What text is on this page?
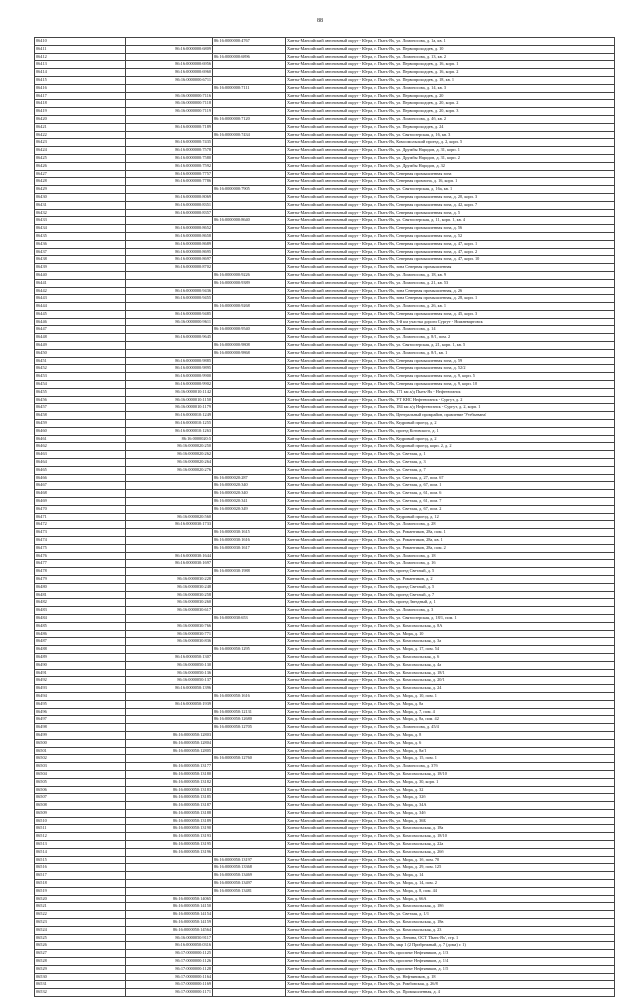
88
06410		86:16:0000000:4767	Ханты-Мансийский автономный округ - Югра, г. Пыть-Ях, ул. Ломоносова, д. 1а, кв. 1
06411	86:16:0000000:6809		Ханты-Мансийский автономный округ - Югра, г. Пыть-Ях, ул. Первопроходцев, д. 10
06412		86:16:0000000:6896	Ханты-Мансийский автономный округ - Югра, г. Пыть-Ях, ул. Ломоносова, д. 13, кв. 2
06413	86:16:0000000:6956		Ханты-Мансийский автономный округ - Югра, г. Пыть-Ях, ул. Первопроходцев, д. 16, корп. 1
06414	86:16:0000000:6960		Ханты-Мансийский автономный округ - Югра, г. Пыть-Ях, ул. Первопроходцев, д. 16, корп. 2
06415	86:16:0000000:6711		Ханты-Мансийский автономный округ - Югра, г. Пыть-Ях, ул. Первопроходцев, д. 18, кв. 1
06416		86:16:0000000:7111	Ханты-Мансийский автономный округ - Югра, г. Пыть-Ях, ул. Ломоносова, д. 14, кв. 3
06417	86:16:0000000:7116		Ханты-Мансийский автономный округ - Югра, г. Пыть-Ях, ул. Первопроходцев, д. 20
06418	86:16:0000000:7118		Ханты-Мансийский автономный округ - Югра, г. Пыть-Ях, ул. Первопроходцев, д. 20, корп. 2
06419	86:16:0000000:7119		Ханты-Мансийский автономный округ - Югра, г. Пыть-Ях, ул. Первопроходцев, д. 20, корп. 3
06420		86:16:0000000:7120	Ханты-Мансийский автономный округ - Югра, г. Пыть-Ях, ул. Ломоносова, д. 4б, кв. 2
06421	86:16:0000000:7189		Ханты-Мансийский автономный округ - Югра, г. Пыть-Ях, ул. Первопроходцев, д. 24
06422		86:16:0000000:7434	Ханты-Мансийский автономный округ - Югра, г. Пыть-Ях, ул. Святоозерская, д. 16, кв. 3
06423	86:16:0000000:7435		Ханты-Мансийский автономный округ - Югра, г. Пыть-Ях, Комсомольский проезд, д. 2, корп. 5
06424	86:16:0000000:7578		Ханты-Мансийский автономный округ - Югра, г. Пыть-Ях, ул. Дружбы Народов, д. 31, корп. 1
06425	86:16:0000000:7580		Ханты-Мансийский автономный округ - Югра, г. Пыть-Ях, ул. Дружбы Народов, д. 31, корп. 2
06426	86:16:0000000:7592		Ханты-Мансийский автономный округ - Югра, г. Пыть-Ях, ул. Дружбы Народов, д. 32
06427	86:16:0000000:7757		Ханты-Мансийский автономный округ - Югра, г. Пыть-Ях, Северная промышленная зона
06428	86:16:0000000:7786		Ханты-Мансийский автономный округ - Югра, г. Пыть-Ях, Северная промзона, д. 16, корп. 1
06429		86:16:0000000:7905	Ханты-Мансийский автономный округ - Югра, г. Пыть-Ях, ул. Святоозерская, д. 16а, кв. 1
06430	86:16:0000000:8069		Ханты-Мансийский автономный округ - Югра, г. Пыть-Ях, Северная промышленная зона, д. 20, корп. 3
06431	86:16:0000000:8351		Ханты-Мансийский автономный округ - Югра, г. Пыть-Ях, Северная промышленная зона, д. 42, корп. 7
06432	86:16:0000000:8357		Ханты-Мансийский автономный округ - Югра, г. Пыть-Ях, Северная промышленная зона, д. 5
06433		86:16:0000000:8640	Ханты-Мансийский автономный округ - Югра, г. Пыть-Ях, ул. Святоозерская, д. 11, корп. 1, кв. 4
06434	86:16:0000000:8652		Ханты-Мансийский автономный округ - Югра, г. Пыть-Ях, Северная промышленная зона, д. 56
06435	86:16:0000000:8658		Ханты-Мансийский автономный округ - Югра, г. Пыть-Ях, Северная промышленная зона, д. 52
06436	86:16:0000000:8689		Ханты-Мансийский автономный округ - Югра, г. Пыть-Ях, Северная промышленная зона, д. 47, корп. 1
06437	86:16:0000000:8695		Ханты-Мансийский автономный округ - Югра, г. Пыть-Ях, Северная промышленная зона, д. 47, корп. 2
06438	86:16:0000000:8697		Ханты-Мансийский автономный округ - Югра, г. Пыть-Ях, Северная промышленная зона, д. 47, корп. 10
06439	86:16:0000000:8702		Ханты-Мансийский автономный округ - Югра, г. Пыть-Ях, зона Северная промышленная
06440		86:16:0000000:9226	Ханты-Мансийский автономный округ - Югра, г. Пыть-Ях, ул. Ломоносова, д. 18, кв. 9
06441		86:16:0000000:9389	Ханты-Мансийский автономный округ - Югра, г. Пыть-Ях, ул. Ломоносова, д. 21, кв. 53
06442	86:16:0000000:9436		Ханты-Мансийский автономный округ - Югра, г. Пыть-Ях, зона Северная промышленная, д. 26
06443	86:16:0000000:9455		Ханты-Мансийский автономный округ - Югра, г. Пыть-Ях, зона Северная промышленная, д. 28, корп. 1
06444		86:16:0000000:9268	Ханты-Мансийский автономный округ - Югра, г. Пыть-Ях, ул. Ломоносова, д. 26, кв. 1
06445	86:16:0000000:9485		Ханты-Мансийский автономный округ - Югра, г. Пыть-Ях, Северная промышленная зона, д. 45, корп. 3
06446	86:16:0000000:9611		Ханты-Мансийский автономный округ - Югра, г. Пыть-Ях, 3-й км участка дороги Сургут - Нижневартовск
06447		86:16:0000000:9540	Ханты-Мансийский автономный округ - Югра, г. Пыть-Ях, ул. Ломоносова, д. 14
06448	86:16:0000000:9645		Ханты-Мансийский автономный округ - Югра, г. Пыть-Ях, ул. Ломоносова, д. 8/1, пом. 2
06449		86:16:0000000:9808	Ханты-Мансийский автономный округ - Югра, г. Пыть-Ях, ул. Святоозерская, д. 21, корп. 1, кв. 5
06450		86:16:0000000:9868	Ханты-Мансийский автономный округ - Югра, г. Пыть-Ях, ул. Ломоносова, д. 8/1, кв. 1
06451	86:16:0000000:9885		Ханты-Мансийский автономный округ - Югра, г. Пыть-Ях, Северная промышленная зона, д. 59
06452	86:16:0000000:9895		Ханты-Мансийский автономный округ - Югра, г. Пыть-Ях, Северная промышленная зона, д. 52/2
06453	86:16:0000000:9900		Ханты-Мансийский автономный округ - Югра, г. Пыть-Ях, Северная промышленная зона, д. 9, корп. 5
06454	86:16:0000000:9902		Ханты-Мансийский автономный округ - Югра, г. Пыть-Ях, Северная промышленная зона, д. 9, корп. 10
06455	86:16:0000010:1142		Ханты-Мансийский автономный округ - Югра, г. Пыть-Ях, 171 км а/д Пыть-Ях - Нефтеюганск
06456	86:16:0000010:1150		Ханты-Мансийский автономный округ - Югра, г. Пыть-Ях, УТ КНС Нефтеюганск - Сургут, д. 2
06457	86:16:0000010:1179		Ханты-Мансийский автономный округ - Югра, г. Пыть-Ях, 184 км а/д Нефтеюганск - Сургут, д. 2, корп. 1
06458	86:16:0000010:1249		Ханты-Мансийский автономный округ - Югра, г. Пыть-Ях, Центральный промрайон, правление 'Узтбьевана'
06459	86:16:0000010:1255		Ханты-Мансийский автономный округ - Югра, г. Пыть-Ях, Кедровый проезд, д. 2
06460	86:16:0000010:1263		Ханты-Мансийский автономный округ - Югра, г. Пыть-Ях, проезд Котовского, д. 1
06461	86:16:0000020:5		Ханты-Мансийский автономный округ - Югра, г. Пыть-Ях, Кедровый проезд, д. 2
06462	86:16:0000020:250		Ханты-Мансийский автономный округ - Югра, г. Пыть-Ях, Кедровый проезд, корп. 2, д. 2
06463	86:16:0000020:262		Ханты-Мансийский автономный округ - Югра, г. Пыть-Ях, ул. Светлая, д. 1
06464	86:16:0000020:264		Ханты-Мансийский автономный округ - Югра, г. Пыть-Ях, ул. Светлая, д. 3
06465	86:16:0000020:276		Ханты-Мансийский автономный округ - Югра, г. Пыть-Ях, ул. Светлая, д. 7
06466		86:16:0000020:287	Ханты-Мансийский автономный округ - Югра, г. Пыть-Ях, ул. Светлая, д. 27, пом. 67
06467		86:16:0000020:340	Ханты-Мансийский автономный округ - Югра, г. Пыть-Ях, ул. Светлая, д. 67, пом. 1
06468		86:16:0000020:340	Ханты-Мансийский автономный округ - Югра, г. Пыть-Ях, ул. Светлая, д. 61, пом. 6
06469		86:16:0000020:341	Ханты-Мансийский автономный округ - Югра, г. Пыть-Ях, ул. Светлая, д. 61, пом. 7
06470		86:16:0000020:349	Ханты-Мансийский автономный округ - Югра, г. Пыть-Ях, ул. Светлая, д. 67, пом. 2
06471	86:16:0000020:560		Ханты-Мансийский автономный округ - Югра, г. Пыть-Ях, Кедровый проезд, д. 12
06472	86:16:0000030:1733		Ханты-Мансийский автономный округ - Югра, г. Пыть-Ях, ул. Ломоносова, д. 28
06473		86:16:0000030:1615	Ханты-Мансийский автономный округ - Югра, г. Пыть-Ях, ул. Романтиков, 28а, пом. 1
06474		86:16:0000030:1616	Ханты-Мансийский автономный округ - Югра, г. Пыть-Ях, ул. Романтиков, 28а, кв. 1
06475		86:16:0000030:1617	Ханты-Мансийский автономный округ - Югра, г. Пыть-Ях, ул. Романтиков, 28а, пом. 2
06476	86:16:0000030:1644		Ханты-Мансийский автономный округ - Югра, г. Пыть-Ях, ул. Ломоносова, д. 18
06477	86:16:0000030:1697		Ханты-Мансийский автономный округ - Югра, г. Пыть-Ях, ул. Ломоносова, д. 16
06478		86:16:0000030:1988	Ханты-Мансийский автономный округ - Югра, г. Пыть-Ях, проезд Светлый, д. 5
06479	86:16:0000030:228		Ханты-Мансийский автономный округ - Югра, г. Пыть-Ях, ул. Романтиков, д. 2
06480	86:16:0000030:248		Ханты-Мансийский автономный округ - Югра, г. Пыть-Ях, проезд Светлый, д. 5
06481	86:16:0000030:258		Ханты-Мансийский автономный округ - Югра, г. Пыть-Ях, проезд Светлый, д. 7
06482	86:16:0000030:260		Ханты-Мансийский автономный округ - Югра, г. Пыть-Ях, проезд Звездный, д. 1
06483	86:16:0000030:617		Ханты-Мансийский автономный округ - Югра, г. Пыть-Ях, ул. Ломоносова, д. 3
06484		86:16:0000030:653	Ханты-Мансийский автономный округ - Югра, г. Пыть-Ях, ул. Святоозерская, д. 18/1, пом. 1
06485	86:16:0000030:766		Ханты-Мансийский автономный округ - Югра, г. Пыть-Ях, ул. Комсомольская, д. 8А
06486	86:16:0000030:771		Ханты-Мансийский автономный округ - Югра, г. Пыть-Ях, ул. Мира, д. 10
06487	86:16:0000030:836		Ханты-Мансийский автономный округ - Югра, г. Пыть-Ях, ул. Комсомольская, д. 3а
06488		86:16:0000050:1295	Ханты-Мансийский автономный округ - Югра, г. Пыть-Ях, ул. Мира, д. 17, пом. 54
06489	86:16:0000050:1307		Ханты-Мансийский автономный округ - Югра, г. Пыть-Ях, ул. Комсомольская, д. 6
06490	86:16:0000050:130		Ханты-Мансийский автономный округ - Югра, г. Пыть-Ях, ул. Комсомольская, д. 4а
06491	86:16:0000050:136		Ханты-Мансийский автономный округ - Югра, г. Пыть-Ях, ул. Комсомольская, д. 18/1
06492	86:16:0000050:137		Ханты-Мансийский автономный округ - Югра, г. Пыть-Ях, ул. Комсомольская, д. 20/1
06493	86:16:0000050:1396		Ханты-Мансийский автономный округ - Югра, г. Пыть-Ях, ул. Комсомольская, д. 24
06494		86:16:0000050:1616	Ханты-Мансийский автономный округ - Югра, г. Пыть-Ях, ул. Мира, д. 10, пом. 1
06495	86:16:0000050:1939		Ханты-Мансийский автономный округ - Югра, г. Пыть-Ях, ул. Мира, д. 8а
06496		86:16:0000050:12131	Ханты-Мансийский автономный округ - Югра, г. Пыть-Ях, ул. Мира, д. 7, пом. 4
06497		86:16:0000050:12680	Ханты-Мансийский автономный округ - Югра, г. Пыть-Ях, ул. Мира, д. 8а, пом. 42
06498		86:16:0000050:12705	Ханты-Мансийский автономный округ - Югра, г. Пыть-Ях, ул. Ломоносова, д. 45/4
06499	86:16:0000050:12803		Ханты-Мансийский автономный округ - Югра, г. Пыть-Ях, ул. Мира, д. 8
06500	86:16:0000050:12804		Ханты-Мансийский автономный округ - Югра, г. Пыть-Ях, ул. Мира, д. 6
06501	86:16:0000050:12805		Ханты-Мансийский автономный округ - Югра, г. Пыть-Ях, ул. Мира, д. 8а/1
06502		86:16:0000050:12760	Ханты-Мансийский автономный округ - Югра, г. Пыть-Ях, ул. Мира, д. 15, пом. 1
06503	86:16:0000050:13177		Ханты-Мансийский автономный округ - Югра, г. Пыть-Ях, ул. Ломоносова, д. 37б
06504	86:16:0000050:13180		Ханты-Мансийский автономный округ - Югра, г. Пыть-Ях, ул. Комсомольская, д. 18/10
06505	86:16:0000050:13182		Ханты-Мансийский автономный округ - Югра, г. Пыть-Ях, ул. Мира, д. 30, корп. 1
06506	86:16:0000050:13183		Ханты-Мансийский автономный округ - Югра, г. Пыть-Ях, ул. Мира, д. 32
06507	86:16:0000050:13185		Ханты-Мансийский автономный округ - Югра, г. Пыть-Ях, ул. Мира, д. 32б
06508	86:16:0000050:13187		Ханты-Мансийский автономный округ - Югра, г. Пыть-Ях, ул. Мира, д. 34А
06509	86:16:0000050:13188		Ханты-Мансийский автономный округ - Югра, г. Пыть-Ях, ул. Мира, д. 34б
06510	86:16:0000050:13189		Ханты-Мансийский автономный округ - Югра, г. Пыть-Ях, ул. Мира, д. 36Б
06511	86:16:0000050:13190		Ханты-Мансийский автономный округ - Югра, г. Пыть-Ях, ул. Комсомольская, д. 18а
06512	86:16:0000050:13193		Ханты-Мансийский автономный округ - Югра, г. Пыть-Ях, ул. Комсомольская, д. 18/10
06513	86:16:0000050:13195		Ханты-Мансийский автономный округ - Югра, г. Пыть-Ях, ул. Комсомольская, д. 22а
06514	86:16:0000050:13196		Ханты-Мансийский автономный округ - Югра, г. Пыть-Ях, ул. Комсомольская, д. 26б
06515		86:16:0000050:13197	Ханты-Мансийский автономный округ - Югра, г. Пыть-Ях, ул. Мира, д. 1б, пом. 70
06516		86:16:0000050:13368	Ханты-Мансийский автономный округ - Югра, г. Пыть-Ях, ул. Мира, д. 29, пом. 125
06517		86:16:0000050:13469	Ханты-Мансийский автономный округ - Югра, г. Пыть-Ях, ул. Мира, д. 14
06518		86:16:0000050:13497	Ханты-Мансийский автономный округ - Югра, г. Пыть-Ях, ул. Мира, д. 14, пом. 2
06519		86:16:0000050:13481	Ханты-Мансийский автономный округ - Югра, г. Пыть-Ях, ул. Мира, д. 8, пом. 44
06520	86:16:0000050:14065		Ханты-Мансийский автономный округ - Югра, г. Пыть-Ях, ул. Мира, д. 66А
06521	86:16:0000050:14150		Ханты-Мансийский автономный округ - Югра, г. Пыть-Ях, ул. Комсомольская, д. 18б
06522	86:16:0000050:14154		Ханты-Мансийский автономный округ - Югра, г. Пыть-Ях, ул. Светлая, д. 1/1
06523	86:16:0000050:14159		Ханты-Мансийский автономный округ - Югра, г. Пыть-Ях, ул. Комсомольская, д. 18в
06524	86:16:0000050:14564		Ханты-Мансийский автономный округ - Югра, г. Пыть-Ях, ул. Комсомольская, д. 23
06525	86:16:0000050:9117		Ханты-Мансийский автономный округ - Югра, г. Пыть-Ях, ул. Ленина, ОСТ 'Пыть-Ях', стр. 1
06526	86:16:0000050:0316		Ханты-Мансийский автономный округ - Югра, г. Пыть-Ях, мкр 1 (2 Прибрежный, д. 7 (дома) г. 1)
06527	86:17:0000000:1125		Ханты-Мансийский автономный округ - Югра, г. Пыть-Ях, проспект Нефтяников, д. 1/3
06528	86:17:0000000:1126		Ханты-Мансийский автономный округ - Югра, г. Пыть-Ях, проспект Нефтяников, д. 1/4
06529	86:17:0000000:1128		Ханты-Мансийский автономный округ - Югра, г. Пыть-Ях, проспект Нефтяников, д. 1/5
06530	86:17:0000000:1164		Ханты-Мансийский автономный округ - Югра, г. Пыть-Ях, ул. Нефтяников, д. 18
06531	86:17:0000000:1169		Ханты-Мансийский автономный округ - Югра, г. Пыть-Ях, ул. Ромбовская, д. 26/8
06532	86:17:0000000:1171		Ханты-Мансийский автономный округ - Югра, г. Пыть-Ях, ул. Промышленная, д. 4
